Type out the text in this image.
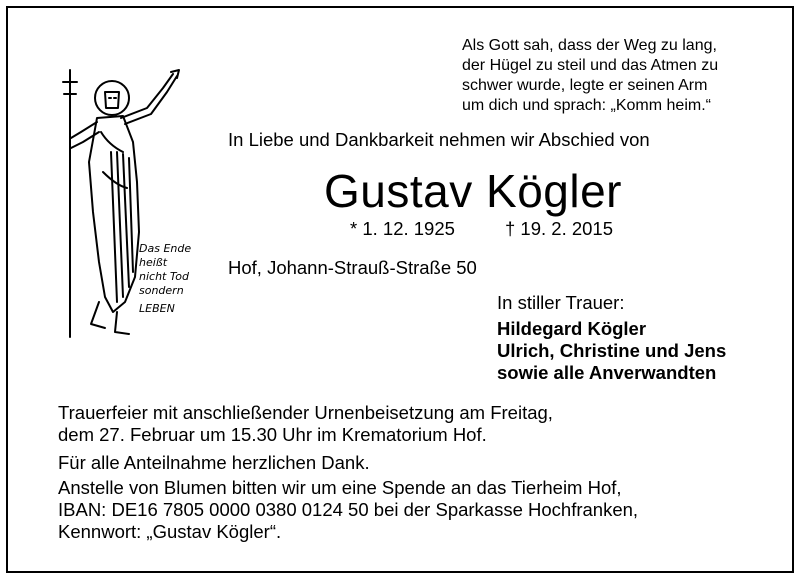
Das Ende
heißt
nicht Tod
sondern
LEBEN
Als Gott sah, dass der Weg zu lang,
der Hügel zu steil und das Atmen zu
schwer wurde, legte er seinen Arm
um dich und sprach: „Komm heim.“
In Liebe und Dankbarkeit nehmen wir Abschied von
Gustav Kögler
* 1. 12. 1925	† 19. 2. 2015
Hof, Johann-Strauß-Straße 50
In stiller Trauer:
Hildegard Kögler
Ulrich, Christine und Jens
sowie alle Anverwandten
Trauerfeier mit anschließender Urnenbeisetzung am Freitag,
dem 27. Februar um 15.30 Uhr im Krematorium Hof.
Für alle Anteilnahme herzlichen Dank.
Anstelle von Blumen bitten wir um eine Spende an das Tierheim Hof,
IBAN: DE16 7805 0000 0380 0124 50 bei der Sparkasse Hochfranken,
Kennwort: „Gustav Kögler“.
